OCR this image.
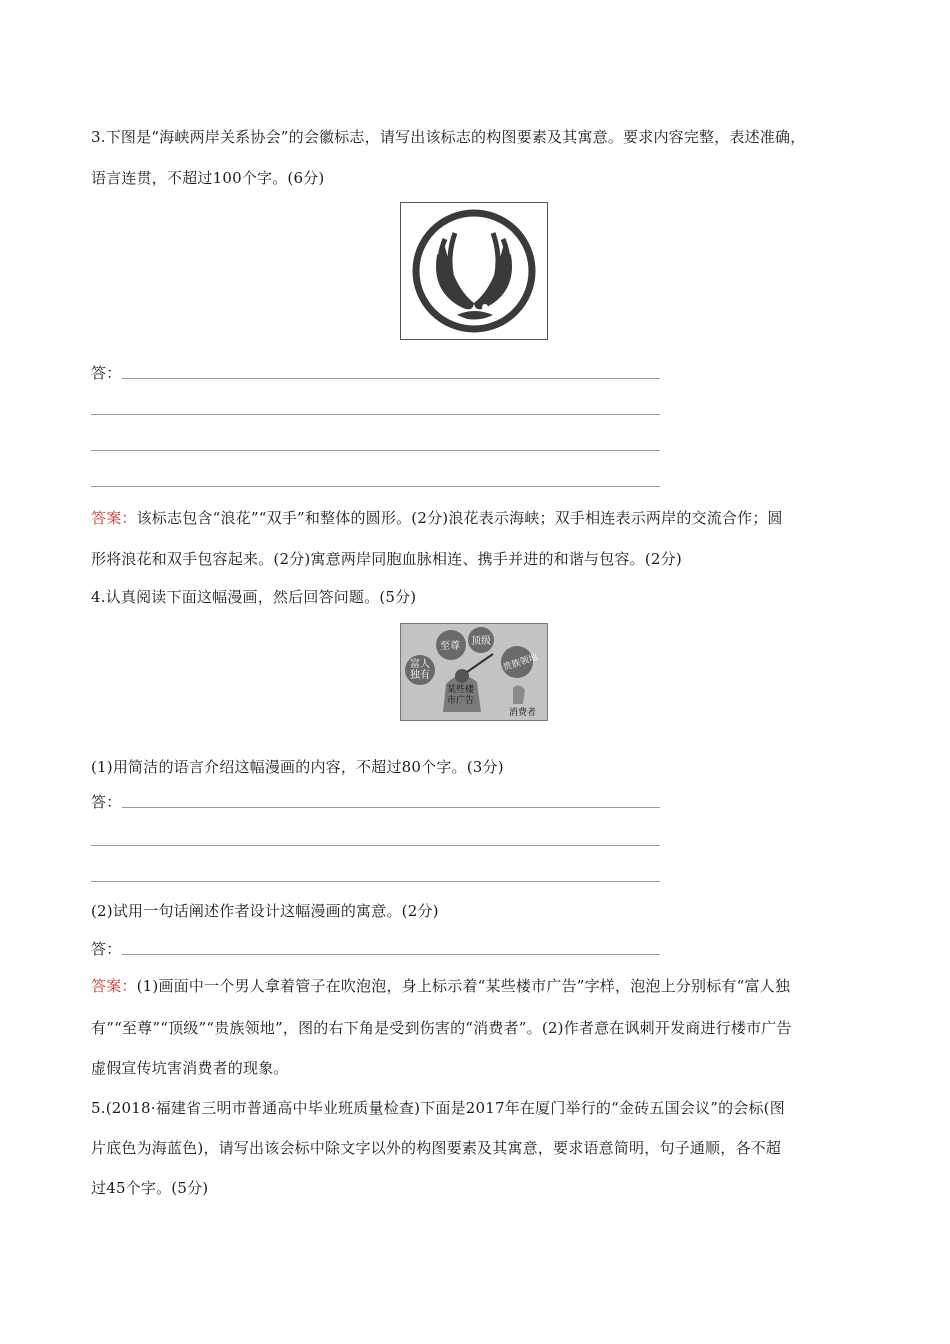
3.下图是“海峡两岸关系协会”的会徽标志，请写出该标志的构图要素及其寓意。要求内容完整，表述准确，
语言连贯，不超过100个字。(6分)
答：
答案：该标志包含“浪花”“双手”和整体的圆形。(2分)浪花表示海峡；双手相连表示两岸的交流合作；圆
形将浪花和双手包容起来。(2分)寓意两岸同胞血脉相连、携手并进的和谐与包容。(2分)
4.认真阅读下面这幅漫画，然后回答问题。(5分)
至尊 顶级
富人独有
贵族领地
某些楼市广告
消费者
(1)用简洁的语言介绍这幅漫画的内容，不超过80个字。(3分)
答：
(2)试用一句话阐述作者设计这幅漫画的寓意。(2分)
答：
答案：(1)画面中一个男人拿着管子在吹泡泡，身上标示着“某些楼市广告”字样，泡泡上分别标有“富人独
有”“至尊”“顶级”“贵族领地”，图的右下角是受到伤害的“消费者”。(2)作者意在讽刺开发商进行楼市广告
虚假宣传坑害消费者的现象。
5.(2018·福建省三明市普通高中毕业班质量检查)下面是2017年在厦门举行的“金砖五国会议”的会标(图
片底色为海蓝色)，请写出该会标中除文字以外的构图要素及其寓意，要求语意简明，句子通顺，各不超
过45个字。(5分)
